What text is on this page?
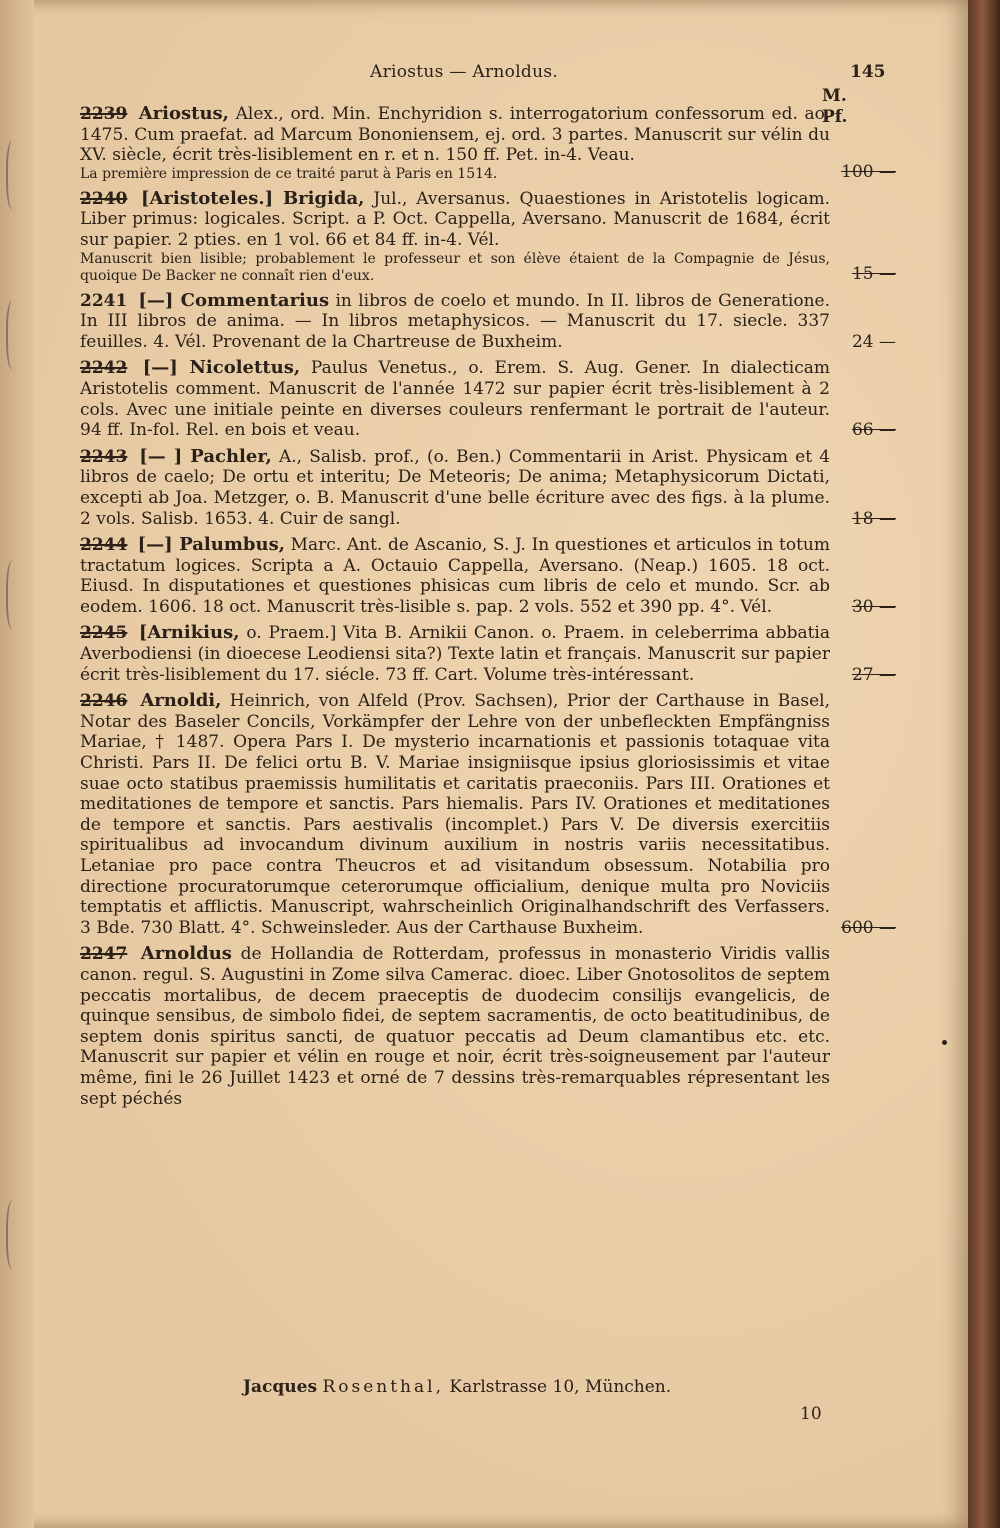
Ariostus — Arnoldus.	145
M. Pf.

2239 Ariostus, Alex., ord. Min. Enchyridion s. interrogatorium confessorum ed. ao. 1475. Cum praefat. ad Marcum Bononiensem, ej. ord. 3 partes. Manuscrit sur vélin du XV. siècle, écrit très-lisiblement en r. et n. 150 ff. Pet. in-4. Veau.

La première impression de ce traité parut à Paris en 1514.	100 —

2240 [Aristoteles.] Brigida, Jul., Aversanus. Quaestiones in Aristotelis logicam. Liber primus: logicales. Script. a P. Oct. Cappella, Aversano. Manuscrit de 1684, écrit sur papier. 2 pties. en 1 vol. 66 et 84 ff. in-4. Vél.

Manuscrit bien lisible; probablement le professeur et son élève étaient de la Compagnie de Jésus, quoique De Backer ne connaît rien d'eux.	15 —

2241 [—] Commentarius in libros de coelo et mundo. In II. libros de Generatione. In III libros de anima. — In libros metaphysicos. — Manuscrit du 17. siecle. 337 feuilles. 4. Vél. Provenant de la Chartreuse de Buxheim.	24 —

2242 [—] Nicolettus, Paulus Venetus., o. Erem. S. Aug. Gener. In dialecticam Aristotelis comment. Manuscrit de l'année 1472 sur papier écrit très-lisiblement à 2 cols. Avec une initiale peinte en diverses couleurs renfermant le portrait de l'auteur. 94 ff. In-fol. Rel. en bois et veau.	66 —

2243 [— ] Pachler, A., Salisb. prof., (o. Ben.) Commentarii in Arist. Physicam et 4 libros de caelo; De ortu et interitu; De Meteoris; De anima; Metaphysicorum Dictati, excepti ab Joa. Metzger, o. B. Manuscrit d'une belle écriture avec des figs. à la plume. 2 vols. Salisb. 1653. 4. Cuir de sangl.	18 —

2244 [—] Palumbus, Marc. Ant. de Ascanio, S. J. In questiones et articulos in totum tractatum logices. Scripta a A. Octauio Cappella, Aversano. (Neap.) 1605. 18 oct. Eiusd. In disputationes et questiones phisicas cum libris de celo et mundo. Scr. ab eodem. 1606. 18 oct. Manuscrit très-lisible s. pap. 2 vols. 552 et 390 pp. 4°. Vél.	30 —

2245 [Arnikius, o. Praem.] Vita B. Arnikii Canon. o. Praem. in celeberrima abbatia Averbodiensi (in dioecese Leodiensi sita?) Texte latin et français. Manuscrit sur papier écrit très-lisiblement du 17. siécle. 73 ff. Cart. Volume très-intéressant.	27 —

2246 Arnoldi, Heinrich, von Alfeld (Prov. Sachsen), Prior der Carthause in Basel, Notar des Baseler Concils, Vorkämpfer der Lehre von der unbefleckten Empfängniss Mariae, † 1487. Opera Pars I. De mysterio incarnationis et passionis totaquae vita Christi. Pars II. De felici ortu B. V. Mariae insigniisque ipsius gloriosissimis et vitae suae octo statibus praemissis humilitatis et caritatis praeconiis. Pars III. Orationes et meditationes de tempore et sanctis. Pars hiemalis. Pars IV. Orationes et meditationes de tempore et sanctis. Pars aestivalis (incomplet.) Pars V. De diversis exercitiis spiritualibus ad invocandum divinum auxilium in nostris variis necessitatibus. Letaniae pro pace contra Theucros et ad visitandum obsessum. Notabilia pro directione procuratorumque ceterorumque officialium, denique multa pro Noviciis temptatis et afflictis. Manuscript, wahrscheinlich Originalhandschrift des Verfassers. 3 Bde. 730 Blatt. 4°. Schweinsleder. Aus der Carthause Buxheim.	600 —

2247 Arnoldus de Hollandia de Rotterdam, professus in monasterio Viridis vallis canon. regul. S. Augustini in Zome silva Camerac. dioec. Liber Gnotosolitos de septem peccatis mortalibus, de decem praeceptis de duodecim consilijs evangelicis, de quinque sensibus, de simbolo fidei, de septem sacramentis, de octo beatitudinibus, de septem donis spiritus sancti, de quatuor peccatis ad Deum clamantibus etc. etc. Manuscrit sur papier et vélin en rouge et noir, écrit très-soigneusement par l'auteur même, fini le 26 Juillet 1423 et orné de 7 dessins très-remarquables répresentant les sept péchés

Jacques Rosenthal, Karlstrasse 10, München.
10
